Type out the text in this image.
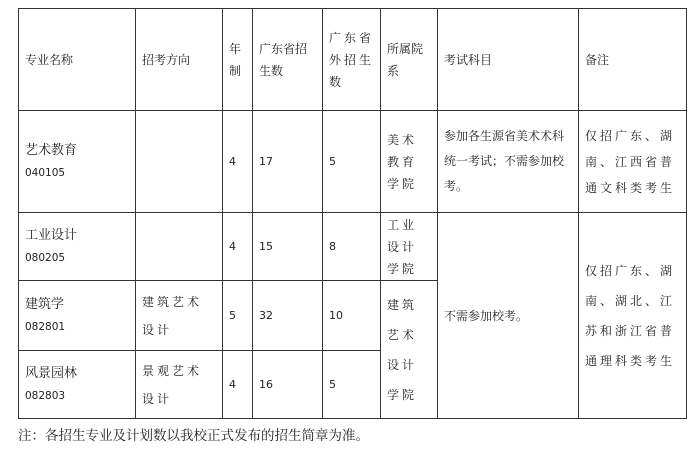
专业名称	招考方向	年制	广东省招生数	广东省外招生数	所属院系	考试科目	备注

艺术教育
040105		4	17	5	美术教育学院	参加各生源省美术术科统一考试；不需参加校考。	仅招广东、湖南、江西省普通文科类考生

工业设计
080205		4	15	8	工业设计学院	不需参加校考。	仅招广东、湖南、湖北、江苏和浙江省普通理科类考生

建筑学
082801	建筑艺术设计	5	32	10	建筑艺术设计学院		

风景园林
082803	景观艺术设计	4	16	5			
注：各招生专业及计划数以我校正式发布的招生简章为准。
